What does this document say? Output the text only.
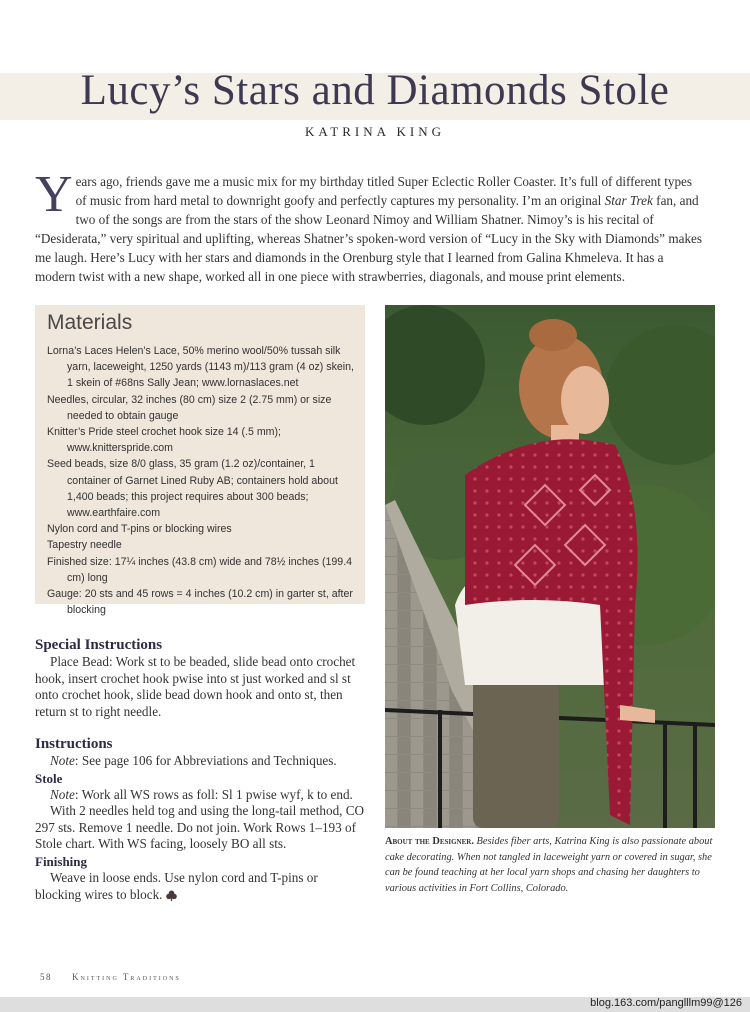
Lucy’s Stars and Diamonds Stole
KATRINA KING
Years ago, friends gave me a music mix for my birthday titled Super Eclectic Roller Coaster. It’s full of different types of music from hard metal to downright goofy and perfectly captures my personality. I’m an original Star Trek fan, and two of the songs are from the stars of the show Leonard Nimoy and William Shatner. Nimoy’s is his recital of “Desiderata,” very spiritual and uplifting, whereas Shatner’s spoken-word version of “Lucy in the Sky with Diamonds” makes me laugh. Here’s Lucy with her stars and diamonds in the Orenburg style that I learned from Galina Khmeleva. It has a modern twist with a new shape, worked all in one piece with strawberries, diagonals, and mouse print elements.
Materials
Lorna’s Laces Helen’s Lace, 50% merino wool/50% tussah silk yarn, laceweight, 1250 yards (1143 m)/113 gram (4 oz) skein, 1 skein of #68ns Sally Jean; www.lornaslaces.net
Needles, circular, 32 inches (80 cm) size 2 (2.75 mm) or size needed to obtain gauge
Knitter’s Pride steel crochet hook size 14 (.5 mm); www.knitterspride.com
Seed beads, size 8/0 glass, 35 gram (1.2 oz)/container, 1 container of Garnet Lined Ruby AB; containers hold about 1,400 beads; this project requires about 300 beads; www.earthfaire.com
Nylon cord and T-pins or blocking wires
Tapestry needle
Finished size: 17¼ inches (43.8 cm) wide and 78½ inches (199.4 cm) long
Gauge: 20 sts and 45 rows = 4 inches (10.2 cm) in garter st, after blocking
About the Designer. Besides fiber arts, Katrina King is also passionate about cake decorating. When not tangled in laceweight yarn or covered in sugar, she can be found teaching at her local yarn shops and chasing her daughters to various activities in Fort Collins, Colorado.
Special Instructions

Place Bead: Work st to be beaded, slide bead onto crochet hook, insert crochet hook pwise into st just worked and sl st onto crochet hook, slide bead down hook and onto st, then return st to right needle.

Instructions

Note: See page 106 for Abbreviations and Techniques.

Stole

Note: Work all WS rows as foll: Sl 1 pwise wyf, k to end.

With 2 needles held tog and using the long-tail method, CO 297 sts. Remove 1 needle. Do not join. Work Rows 1–193 of Stole chart. With WS facing, loosely BO all sts.

Finishing

Weave in loose ends. Use nylon cord and T-pins or blocking wires to block.

58 Knitting Traditions
blog.163.com/panglllm99@126
